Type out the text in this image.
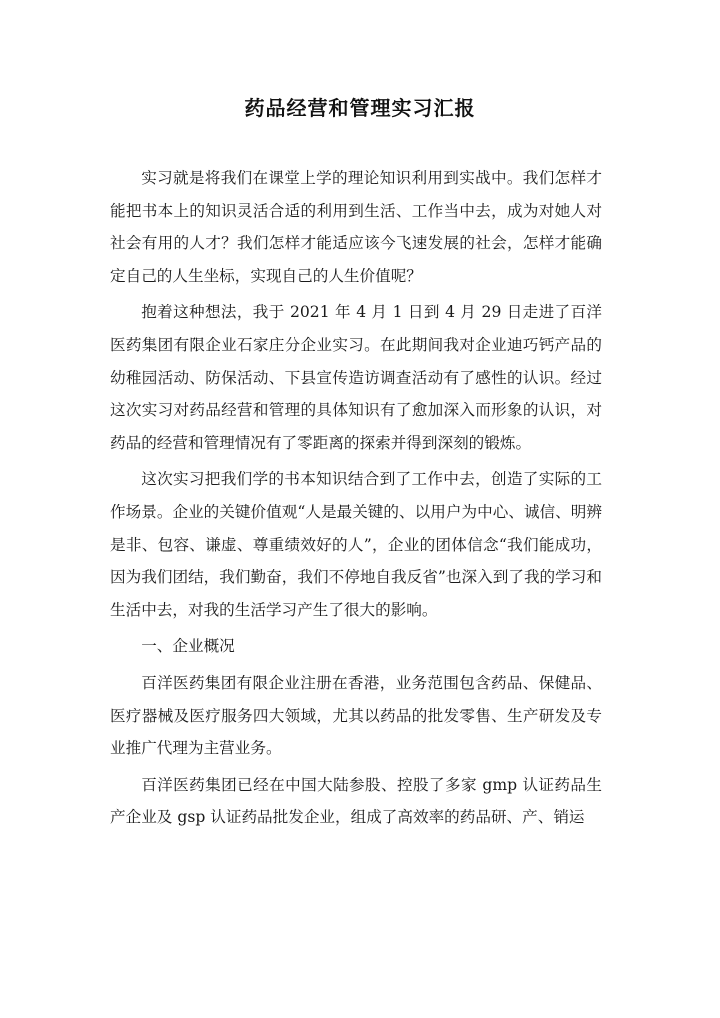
药品经营和管理实习汇报

实习就是将我们在课堂上学的理论知识利用到实战中。我们怎样才能把书本上的知识灵活合适的利用到生活、工作当中去，成为对她人对社会有用的人才？我们怎样才能适应该今飞速发展的社会，怎样才能确定自己的人生坐标，实现自己的人生价值呢？

抱着这种想法，我于 2021 年 4 月 1 日到 4 月 29 日走进了百洋医药集团有限企业石家庄分企业实习。在此期间我对企业迪巧钙产品的幼稚园活动、防保活动、下县宣传造访调查活动有了感性的认识。经过这次实习对药品经营和管理的具体知识有了愈加深入而形象的认识，对药品的经营和管理情况有了零距离的探索并得到深刻的锻炼。

这次实习把我们学的书本知识结合到了工作中去，创造了实际的工作场景。企业的关键价值观“人是最关键的、以用户为中心、诚信、明辨是非、包容、谦虚、尊重绩效好的人”，企业的团体信念“我们能成功，因为我们团结，我们勤奋，我们不停地自我反省”也深入到了我的学习和生活中去，对我的生活学习产生了很大的影响。

一、企业概况

百洋医药集团有限企业注册在香港，业务范围包含药品、保健品、医疗器械及医疗服务四大领域，尤其以药品的批发零售、生产研发及专业推广代理为主营业务。

百洋医药集团已经在中国大陆参股、控股了多家 gmp 认证药品生产企业及 gsp 认证药品批发企业，组成了高效率的药品研、产、销运
